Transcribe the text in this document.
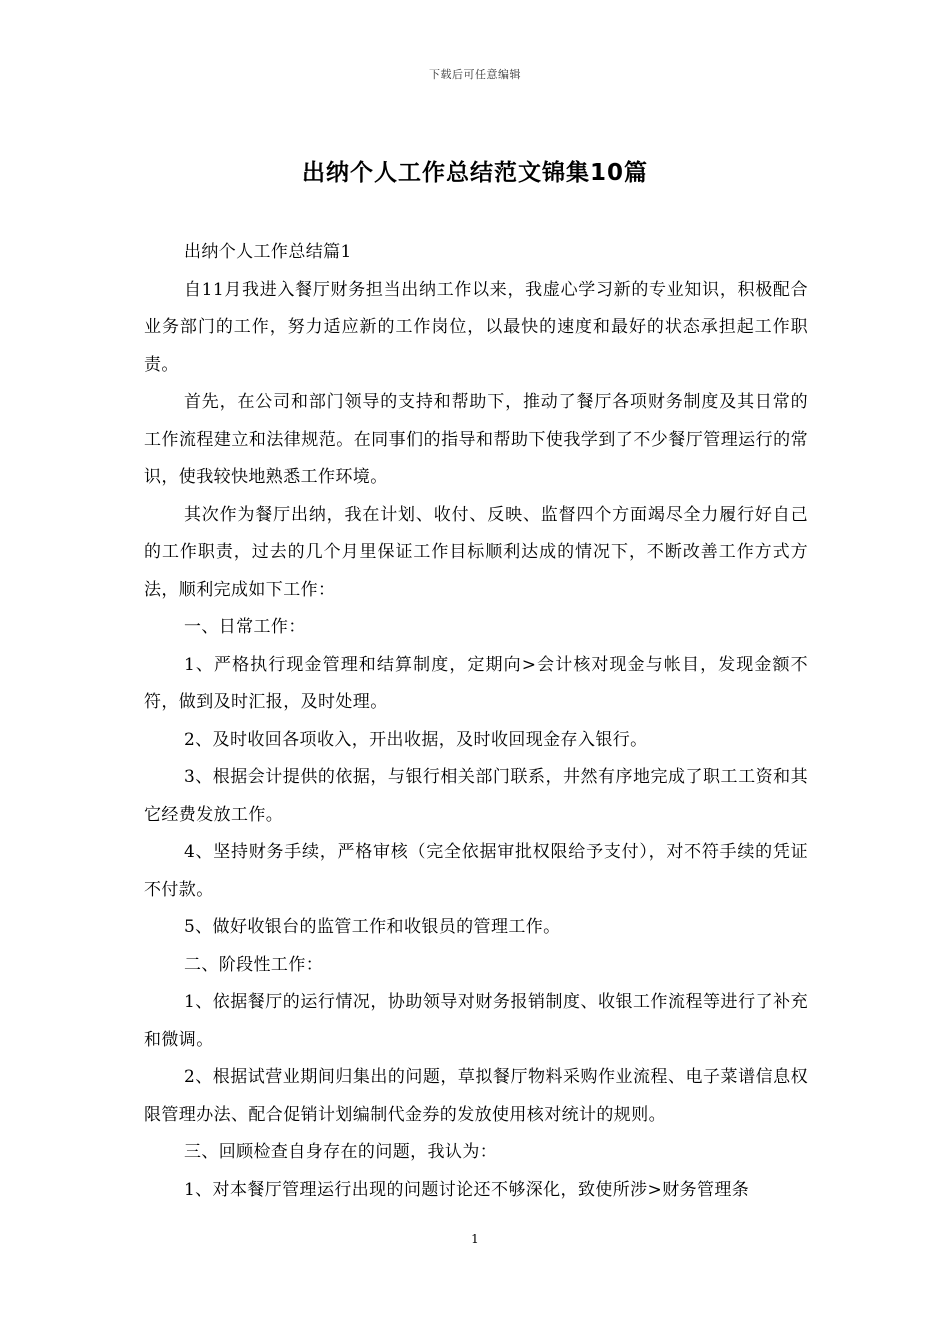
下载后可任意编辑
出纳个人工作总结范文锦集10篇

出纳个人工作总结篇1

自11月我进入餐厅财务担当出纳工作以来，我虚心学习新的专业知识，积极配合业务部门的工作，努力适应新的工作岗位，以最快的速度和最好的状态承担起工作职责。

首先，在公司和部门领导的支持和帮助下，推动了餐厅各项财务制度及其日常的工作流程建立和法律规范。在同事们的指导和帮助下使我学到了不少餐厅管理运行的常识，使我较快地熟悉工作环境。

其次作为餐厅出纳，我在计划、收付、反映、监督四个方面竭尽全力履行好自己的工作职责，过去的几个月里保证工作目标顺利达成的情况下，不断改善工作方式方法，顺利完成如下工作：

一、日常工作：

1、严格执行现金管理和结算制度，定期向>会计核对现金与帐目，发现金额不符，做到及时汇报，及时处理。

2、及时收回各项收入，开出收据，及时收回现金存入银行。

3、根据会计提供的依据，与银行相关部门联系，井然有序地完成了职工工资和其它经费发放工作。

4、坚持财务手续，严格审核（完全依据审批权限给予支付），对不符手续的凭证不付款。

5、做好收银台的监管工作和收银员的管理工作。

二、阶段性工作：

1、依据餐厅的运行情况，协助领导对财务报销制度、收银工作流程等进行了补充和微调。

2、根据试营业期间归集出的问题，草拟餐厅物料采购作业流程、电子菜谱信息权限管理办法、配合促销计划编制代金券的发放使用核对统计的规则。

三、回顾检查自身存在的问题，我认为：

1、对本餐厅管理运行出现的问题讨论还不够深化，致使所涉>财务管理条

1
